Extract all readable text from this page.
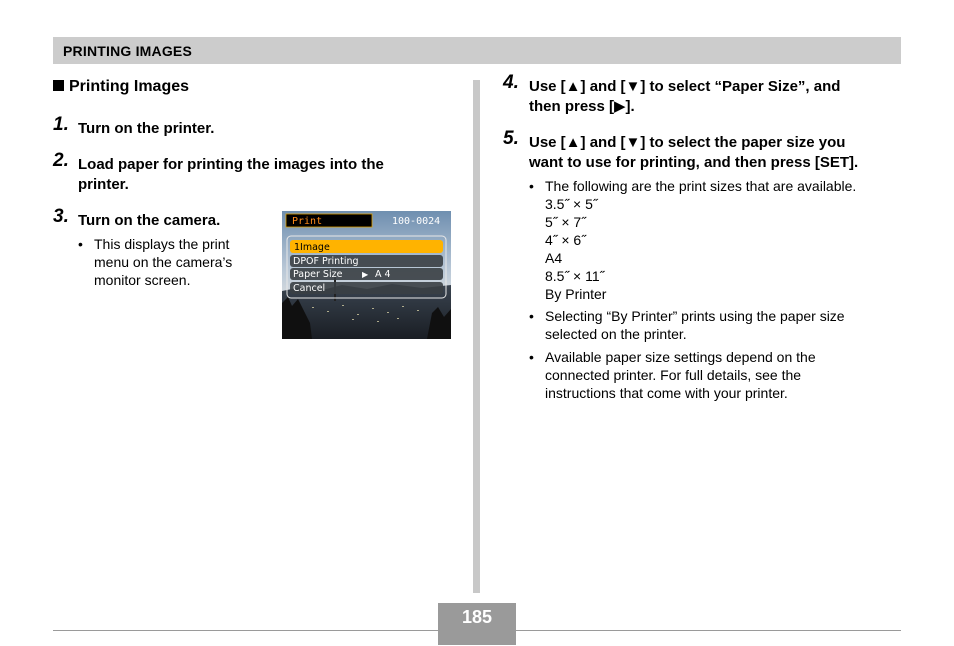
PRINTING IMAGES
Printing Images
1. Turn on the printer.
2. Load paper for printing the images into the
printer.
3. Turn on the camera.
• This displays the print
menu on the camera’s
monitor screen.
Print	100-0024
1Image
DPOF Printing
Paper Size ▶ A 4
Cancel
4. Use [▲] and [▼] to select “Paper Size”, and
then press [▶].
5. Use [▲] and [▼] to select the paper size you
want to use for printing, and then press [SET].
• The following are the print sizes that are available.
3.5˝ × 5˝
5˝ × 7˝
4˝ × 6˝
A4
8.5˝ × 11˝
By Printer
• Selecting “By Printer” prints using the paper size
selected on the printer.
• Available paper size settings depend on the
connected printer. For full details, see the
instructions that come with your printer.
185
